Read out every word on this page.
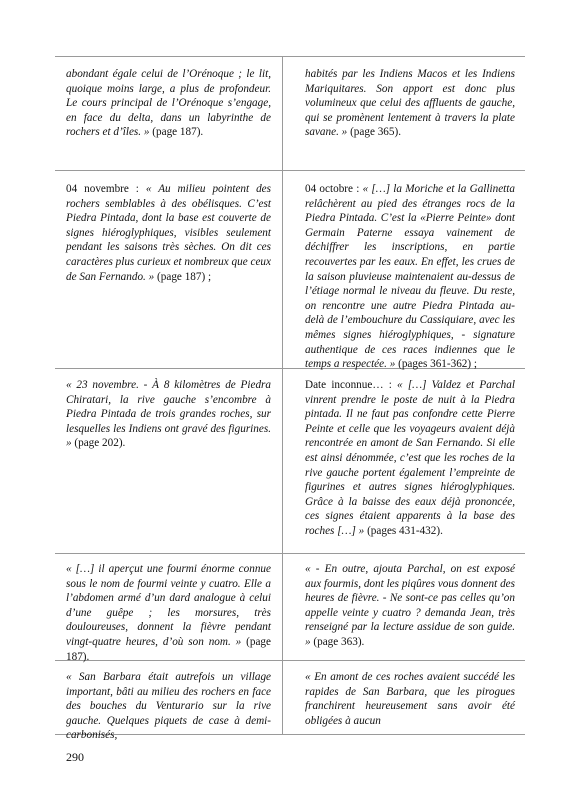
abondant égale celui de l’Orénoque ; le lit, quoique moins large, a plus de profondeur. Le cours principal de l’Orénoque s’engage, en face du delta, dans un labyrinthe de rochers et d’îles. » (page 187).

habités par les Indiens Macos et les Indiens Mariquitares. Son apport est donc plus volumineux que celui des affluents de gauche, qui se promènent lentement à travers la plate savane. » (page 365).

04 novembre : « Au milieu pointent des rochers semblables à des obélisques. C’est Piedra Pintada, dont la base est couverte de signes hiéroglyphiques, visibles seulement pendant les saisons très sèches. On dit ces caractères plus curieux et nombreux que ceux de San Fernando. » (page 187) ;

04 octobre : « […] la Moriche et la Gallinetta relâchèrent au pied des étranges rocs de la Piedra Pintada. C’est la «Pierre Peinte» dont Germain Paterne essaya vainement de déchiffrer les inscriptions, en partie recouvertes par les eaux. En effet, les crues de la saison pluvieuse maintenaient au-dessus de l’étiage normal le niveau du fleuve. Du reste, on rencontre une autre Piedra Pintada au-delà de l’embouchure du Cassiquiare, avec les mêmes signes hiéroglyphiques, - signature authentique de ces races indiennes que le temps a respectée. » (pages 361-362) ;

« 23 novembre. - À 8 kilomètres de Piedra Chiratari, la rive gauche s’encombre à Piedra Pintada de trois grandes roches, sur lesquelles les Indiens ont gravé des figurines. » (page 202).

Date inconnue… : « […] Valdez et Parchal vinrent prendre le poste de nuit à la Piedra pintada. Il ne faut pas confondre cette Pierre Peinte et celle que les voyageurs avaient déjà rencontrée en amont de San Fernando. Si elle est ainsi dénommée, c’est que les roches de la rive gauche portent également l’empreinte de figurines et autres signes hiéroglyphiques. Grâce à la baisse des eaux déjà prononcée, ces signes étaient apparents à la base des roches […] » (pages 431-432).

« […] il aperçut une fourmi énorme connue sous le nom de fourmi veinte y cuatro. Elle a l’abdomen armé d’un dard analogue à celui d’une guêpe ; les morsures, très douloureuses, donnent la fièvre pendant vingt-quatre heures, d’où son nom. » (page 187).

« - En outre, ajouta Parchal, on est exposé aux fourmis, dont les piqûres vous donnent des heures de fièvre. - Ne sont-ce pas celles qu’on appelle veinte y cuatro ? demanda Jean, très renseigné par la lecture assidue de son guide. » (page 363).

« San Barbara était autrefois un village important, bâti au milieu des rochers en face des bouches du Venturario sur la rive gauche. Quelques piquets de case à demi-carbonisés,

« En amont de ces roches avaient succédé les rapides de San Barbara, que les pirogues franchirent heureusement sans avoir été obligées à aucun

290
